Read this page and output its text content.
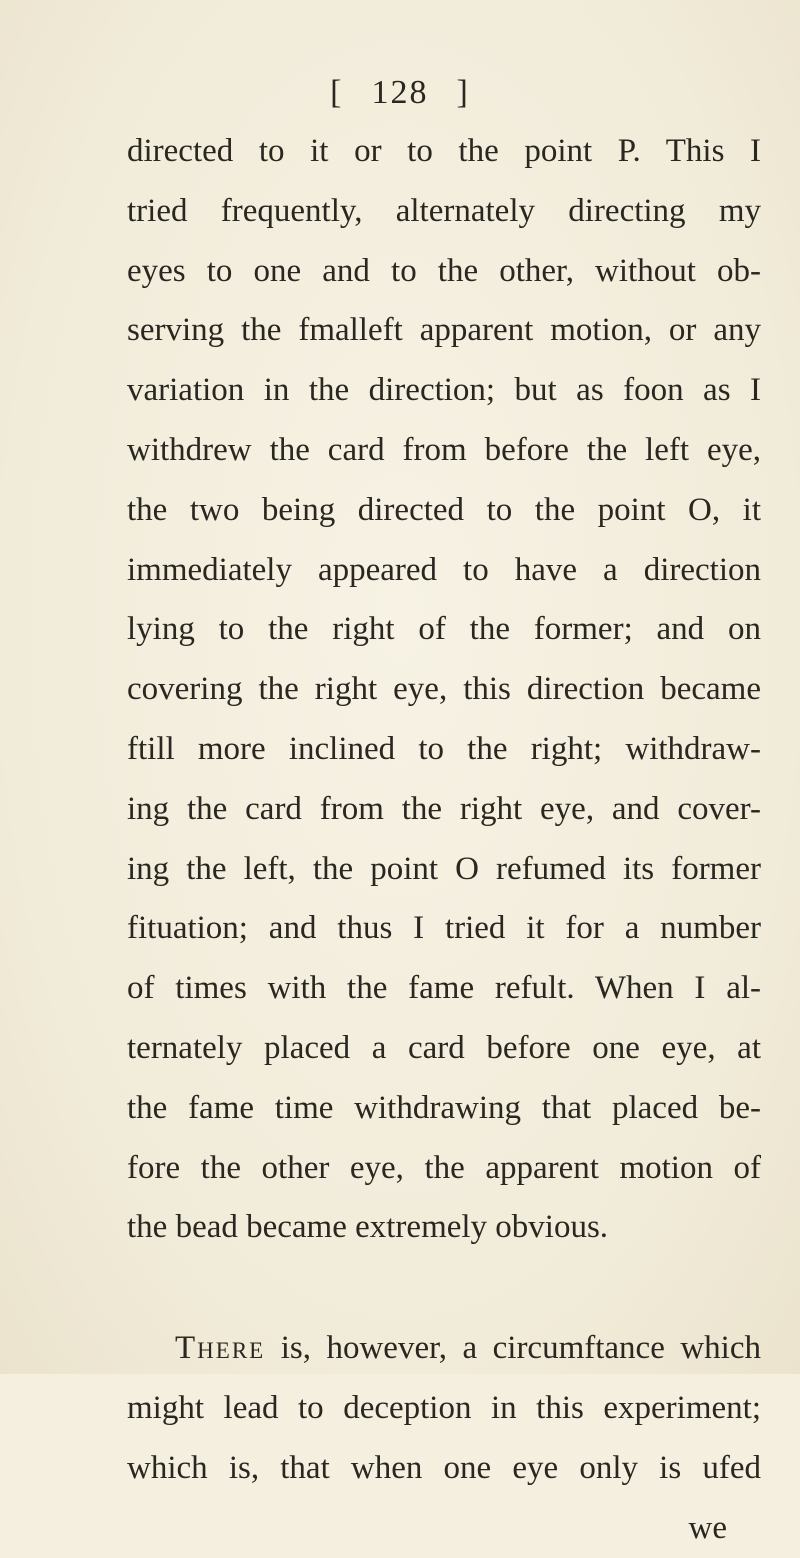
[ 128 ]
directed to it or to the point P. This I
tried frequently, alternately directing my
eyes to one and to the other, without ob-
serving the fmalleft apparent motion, or any
variation in the direction; but as foon as I
withdrew the card from before the left eye,
the two being directed to the point O, it
immediately appeared to have a direction
lying to the right of the former; and on
covering the right eye, this direction became
ftill more inclined to the right; withdraw-
ing the card from the right eye, and cover-
ing the left, the point O refumed its former
fituation; and thus I tried it for a number
of times with the fame refult. When I al-
ternately placed a card before one eye, at
the fame time withdrawing that placed be-
fore the other eye, the apparent motion of
the bead became extremely obvious.
There is, however, a circumftance which
might lead to deception in this experiment;
which is, that when one eye only is ufed
we
